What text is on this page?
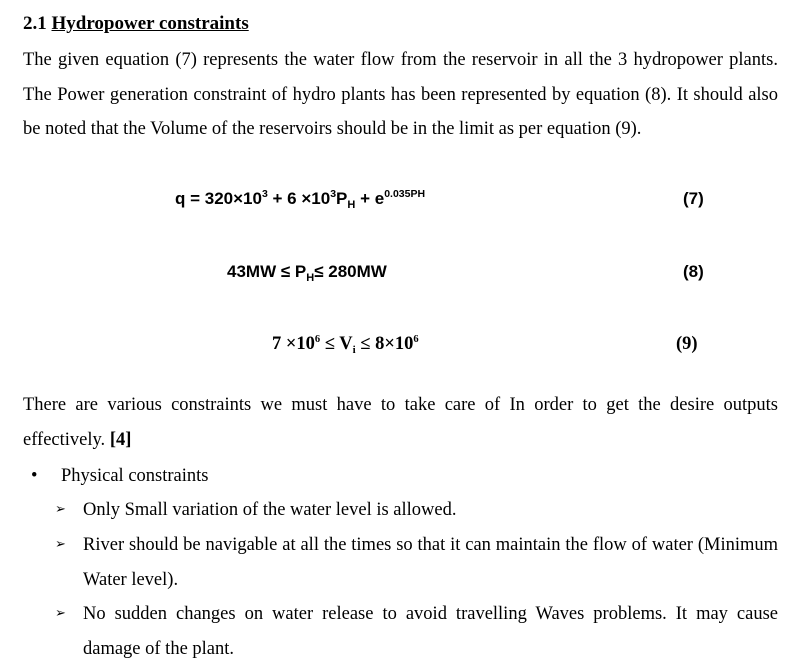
2.1 Hydropower constraints
The given equation (7) represents the water flow from the reservoir in all the 3 hydropower plants. The Power generation constraint of hydro plants has been represented by equation (8). It should also be noted that the Volume of the reservoirs should be in the limit as per equation (9).
$q = 320\times 10^3 + 6 \times 10^3P_H + e^{0.035PH}$	(7)
$43MW \le P_H\le 280MW$	(8)
$7 \times 10^6 \le V_i \le 8\times 10^6$	(9)
There are various constraints we must have to take care of In order to get the desire outputs effectively. [4]
• Physical constraints
➢ Only Small variation of the water level is allowed.
➢ River should be navigable at all the times so that it can maintain the flow of water (Minimum Water level).
➢ No sudden changes on water release to avoid travelling Waves problems. It may cause damage of the plant.
